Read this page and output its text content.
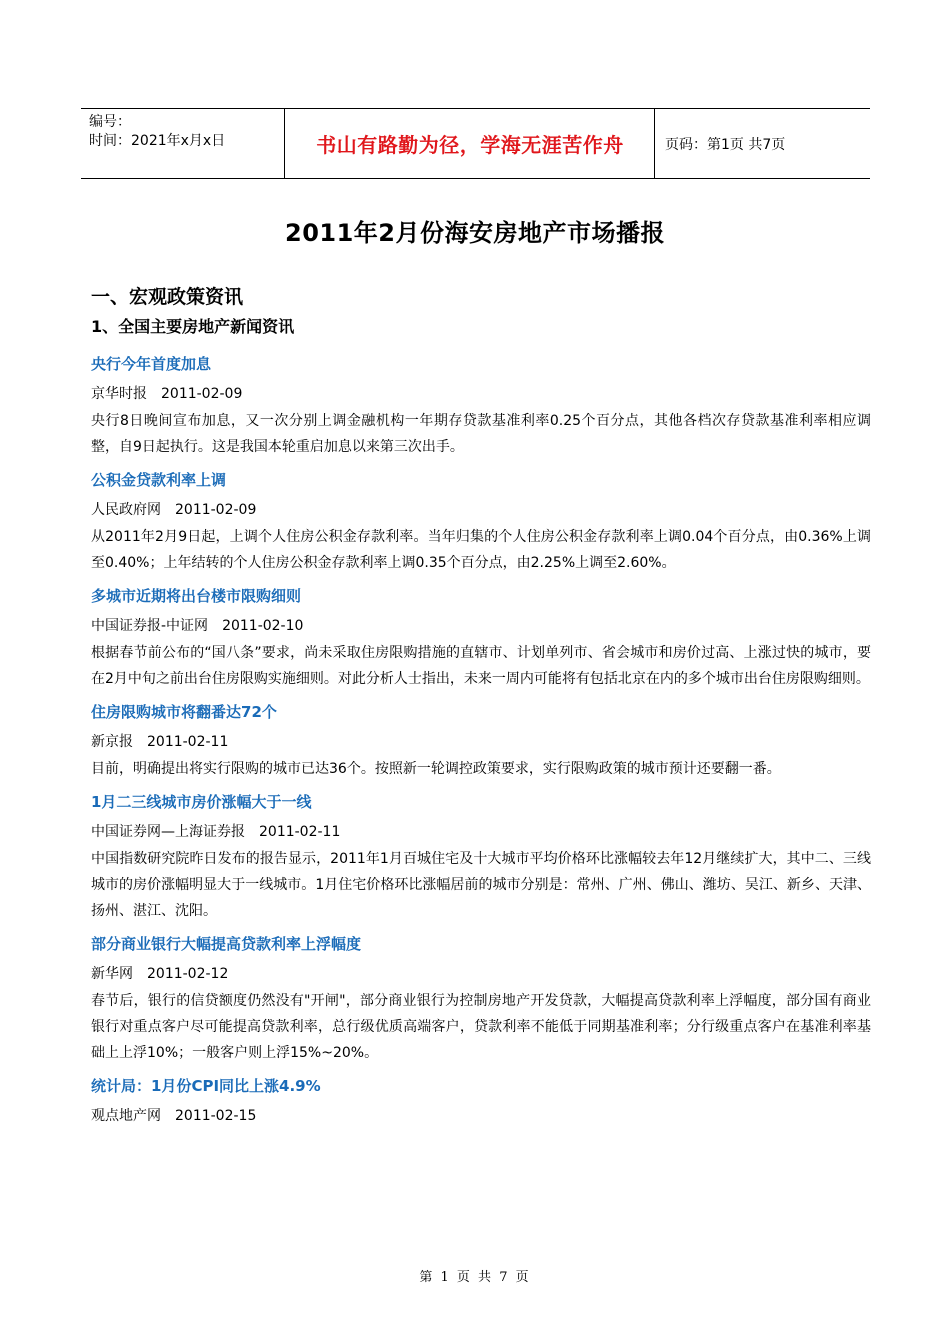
编号：
时间：2021年x月x日	书山有路勤为径，学海无涯苦作舟	页码：第1页 共7页
2011年2月份海安房地产市场播报
一、宏观政策资讯
1、全国主要房地产新闻资讯
央行今年首度加息
京华时报 2011-02-09
央行8日晚间宣布加息，又一次分别上调金融机构一年期存贷款基准利率0.25个百分点，其他各档次存贷款基准利率相应调整，自9日起执行。这是我国本轮重启加息以来第三次出手。
公积金贷款利率上调
人民政府网 2011-02-09
从2011年2月9日起，上调个人住房公积金存款利率。当年归集的个人住房公积金存款利率上调0.04个百分点，由0.36%上调至0.40%；上年结转的个人住房公积金存款利率上调0.35个百分点，由2.25%上调至2.60%。
多城市近期将出台楼市限购细则
中国证券报-中证网 2011-02-10
根据春节前公布的“国八条”要求，尚未采取住房限购措施的直辖市、计划单列市、省会城市和房价过高、上涨过快的城市，要在2月中旬之前出台住房限购实施细则。对此分析人士指出，未来一周内可能将有包括北京在内的多个城市出台住房限购细则。
住房限购城市将翻番达72个
新京报 2011-02-11
目前，明确提出将实行限购的城市已达36个。按照新一轮调控政策要求，实行限购政策的城市预计还要翻一番。
1月二三线城市房价涨幅大于一线
中国证券网—上海证券报 2011-02-11
中国指数研究院昨日发布的报告显示，2011年1月百城住宅及十大城市平均价格环比涨幅较去年12月继续扩大，其中二、三线城市的房价涨幅明显大于一线城市。1月住宅价格环比涨幅居前的城市分别是：常州、广州、佛山、潍坊、吴江、新乡、天津、扬州、湛江、沈阳。
部分商业银行大幅提高贷款利率上浮幅度
新华网 2011-02-12
春节后，银行的信贷额度仍然没有"开闸"，部分商业银行为控制房地产开发贷款，大幅提高贷款利率上浮幅度，部分国有商业银行对重点客户尽可能提高贷款利率，总行级优质高端客户，贷款利率不能低于同期基准利率；分行级重点客户在基准利率基础上上浮10%；一般客户则上浮15%~20%。
统计局：1月份CPI同比上涨4.9%
观点地产网 2011-02-15
第 1 页 共 7 页
